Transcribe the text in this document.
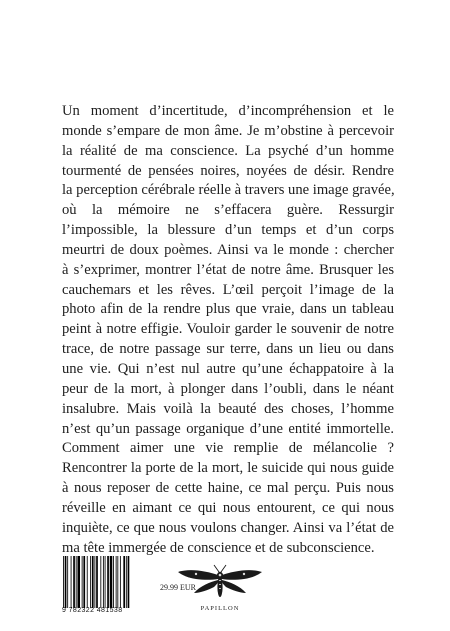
Un moment d’incertitude, d’incompréhension et le
monde s’empare de mon âme. Je m’obstine à percevoir
la réalité de ma conscience. La psyché d’un homme
tourmenté de pensées noires, noyées de désir. Rendre
la perception cérébrale réelle à travers une image gravée,
où la mémoire ne s’effacera guère. Ressurgir
l’impossible, la blessure d’un temps et d’un corps
meurtri de doux poèmes. Ainsi va le monde : chercher
à s’exprimer, montrer l’état de notre âme. Brusquer les
cauchemars et les rêves. L’œil perçoit l’image de la
photo afin de la rendre plus que vraie, dans un tableau
peint à notre effigie. Vouloir garder le souvenir de notre
trace, de notre passage sur terre, dans un lieu ou dans
une vie. Qui n’est nul autre qu’une échappatoire à la
peur de la mort, à plonger dans l’oubli, dans le néant
insalubre. Mais voilà la beauté des choses, l’homme
n’est qu’un passage organique d’une entité immortelle.
Comment aimer une vie remplie de mélancolie ?
Rencontrer la porte de la mort, le suicide qui nous guide
à nous reposer de cette haine, ce mal perçu. Puis nous
réveille en aimant ce qui nous entourent, ce qui nous
inquiète, ce que nous voulons changer. Ainsi va l’état de
ma tête immergée de conscience et de subconscience.

9 782322 481538
29.99 EUR
PAPILLON
